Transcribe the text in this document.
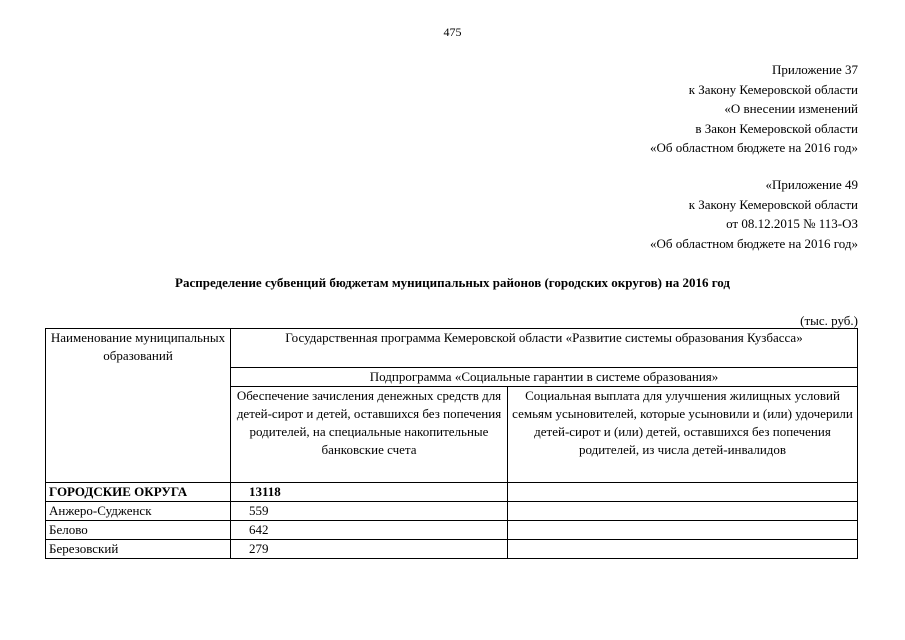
475
Приложение 37
к Закону Кемеровской области
«О внесении изменений
в Закон Кемеровской области
«Об областном бюджете на 2016 год»
«Приложение 49
к Закону Кемеровской области
от 08.12.2015 № 113-ОЗ
«Об областном бюджете на 2016 год»
Распределение субвенций бюджетам муниципальных районов (городских округов) на 2016 год
(тыс. руб.)
Наименование муниципальных образований	Государственная программа Кемеровской области «Развитие системы образования Кузбасса»	
	Подпрограмма «Социальные гарантии в системе образования»	
	Обеспечение зачисления денежных средств для детей-сирот и детей, оставшихся без попечения родителей, на специальные накопительные банковские счета	Социальная выплата для улучшения жилищных условий семьям усыновителей, которые усыновили и (или) удочерили детей-сирот и (или) детей, оставшихся без попечения родителей, из числа детей-инвалидов
ГОРОДСКИЕ ОКРУГА	13118	
Анжеро-Судженск	559	
Белово	642	
Березовский	279	
